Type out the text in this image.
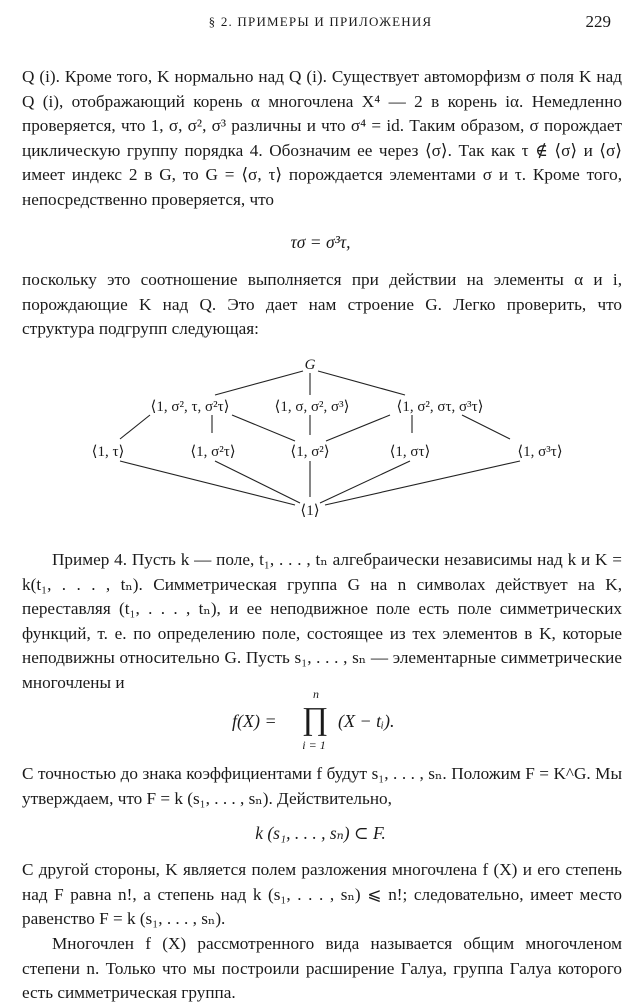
§ 2. ПРИМЕРЫ И ПРИЛОЖЕНИЯ	229
Q (i). Кроме того, K нормально над Q (i). Существует автоморфизм σ поля K над Q (i), отображающий корень α многочлена X⁴ — 2 в корень iα. Немедленно проверяется, что 1, σ, σ², σ³ различны и что σ⁴ = id. Таким образом, σ порождает циклическую группу порядка 4. Обозначим ее через ⟨σ⟩. Так как τ ∉ ⟨σ⟩ и ⟨σ⟩ имеет индекс 2 в G, то G = ⟨σ, τ⟩ порождается элементами σ и τ. Кроме того, непосредственно проверяется, что
τσ = σ³τ,
поскольку это соотношение выполняется при действии на элементы α и i, порождающие K над Q. Это дает нам строение G. Легко проверить, что структура подгрупп следующая:
G
⟨1, σ², τ, σ²τ⟩	⟨1, σ, σ², σ³⟩	⟨1, σ², στ, σ³τ⟩
⟨1, τ⟩	⟨1, σ²τ⟩	⟨1, σ²⟩	⟨1, στ⟩	⟨1, σ³τ⟩
⟨1⟩
Пример 4. Пусть k — поле, t₁, . . . , tₙ алгебраически независимы над k и K = k(t₁, . . . , tₙ). Симметрическая группа G на n символах действует на K, переставляя (t₁, . . . , tₙ), и ее неподвижное поле есть поле симметрических функций, т. е. по определению поле, состоящее из тех элементов в K, которые неподвижны относительно G. Пусть s₁, . . . , sₙ — элементарные симметрические многочлены и
f(X) =
n
∏
i = 1
(X − tᵢ).
С точностью до знака коэффициентами f будут s₁, . . . , sₙ. Положим F = K^G. Мы утверждаем, что F = k (s₁, . . . , sₙ). Действительно,
k (s₁, . . . , sₙ) ⊂ F.
С другой стороны, K является полем разложения многочлена f (X) и его степень над F равна n!, а степень над k (s₁, . . . , sₙ) ⩽ n!; следовательно, имеет место равенство F = k (s₁, . . . , sₙ).
Многочлен f (X) рассмотренного вида называется общим многочленом степени n. Только что мы построили расширение Галуа, группа Галуа которого есть симметрическая группа.
